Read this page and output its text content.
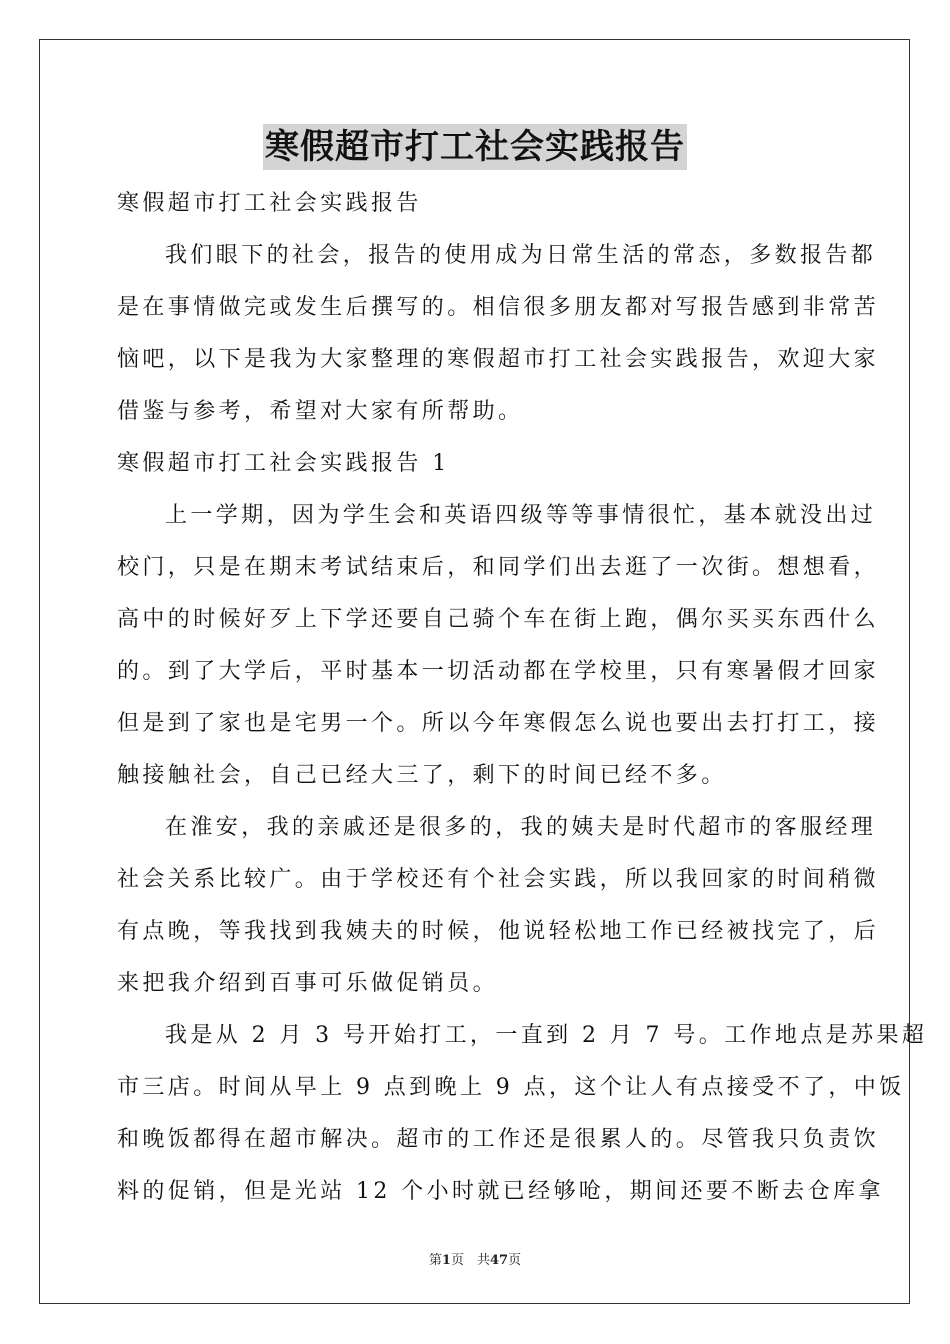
寒假超市打工社会实践报告

寒假超市打工社会实践报告

我们眼下的社会，报告的使用成为日常生活的常态，多数报告都

是在事情做完或发生后撰写的。相信很多朋友都对写报告感到非常苦

恼吧，以下是我为大家整理的寒假超市打工社会实践报告，欢迎大家

借鉴与参考，希望对大家有所帮助。

寒假超市打工社会实践报告 1

上一学期，因为学生会和英语四级等等事情很忙，基本就没出过

校门，只是在期末考试结束后，和同学们出去逛了一次街。想想看，

高中的时候好歹上下学还要自己骑个车在街上跑，偶尔买买东西什么

的。到了大学后，平时基本一切活动都在学校里，只有寒暑假才回家

但是到了家也是宅男一个。所以今年寒假怎么说也要出去打打工，接

触接触社会，自己已经大三了，剩下的时间已经不多。

在淮安，我的亲戚还是很多的，我的姨夫是时代超市的客服经理

社会关系比较广。由于学校还有个社会实践，所以我回家的时间稍微

有点晚，等我找到我姨夫的时候，他说轻松地工作已经被找完了，后

来把我介绍到百事可乐做促销员。

我是从 2 月 3 号开始打工，一直到 2 月 7 号。工作地点是苏果超

市三店。时间从早上 9 点到晚上 9 点，这个让人有点接受不了，中饭

和晚饭都得在超市解决。超市的工作还是很累人的。尽管我只负责饮

料的促销，但是光站 12 个小时就已经够呛，期间还要不断去仓库拿

第1页　共47页
